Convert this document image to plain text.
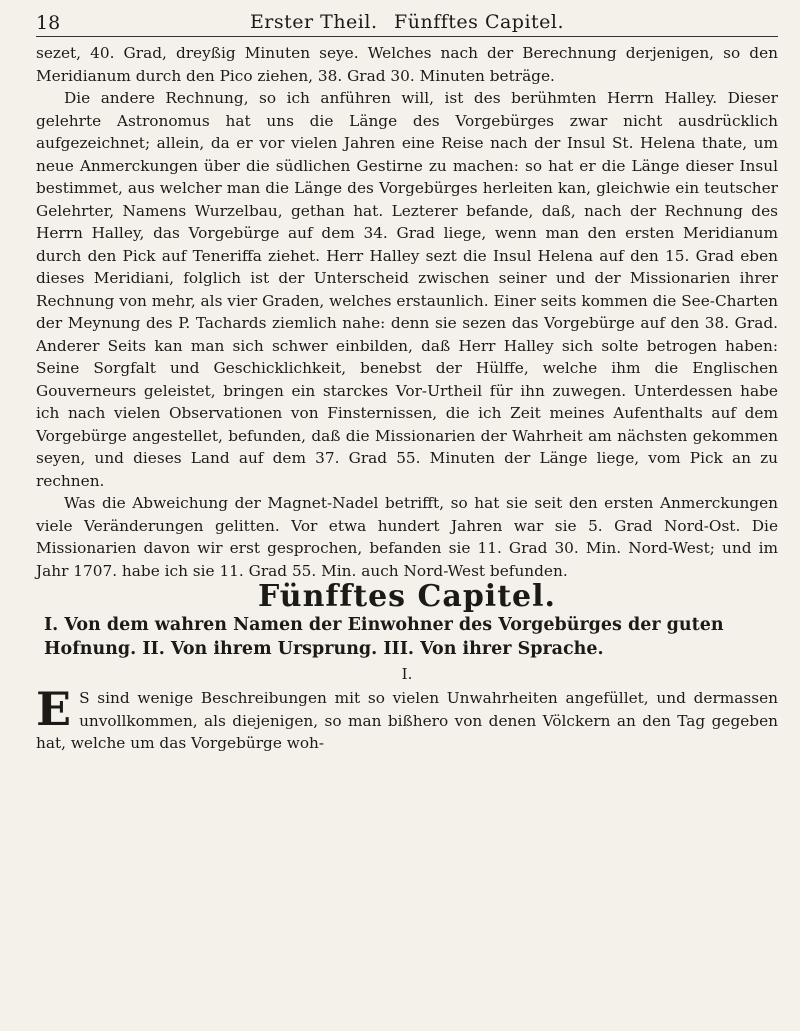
18	Erster Theil. Fünfftes Capitel.

sezet, 40. Grad, dreyßig Minuten seye. Welches nach der Berechnung derjenigen, so den Meridianum durch den Pico ziehen, 38. Grad 30. Minuten beträge.

Die andere Rechnung, so ich anführen will, ist des berühmten Herrn Halley. Dieser gelehrte Astronomus hat uns die Länge des Vorgebürges zwar nicht ausdrücklich aufgezeichnet; allein, da er vor vielen Jahren eine Reise nach der Insul St. Helena thate, um neue Anmerckungen über die südlichen Gestirne zu machen: so hat er die Länge dieser Insul bestimmet, aus welcher man die Länge des Vorgebürges herleiten kan, gleichwie ein teutscher Gelehrter, Namens Wurzelbau, gethan hat. Lezterer befande, daß, nach der Rechnung des Herrn Halley, das Vorgebürge auf dem 34. Grad liege, wenn man den ersten Meridianum durch den Pick auf Teneriffa ziehet. Herr Halley sezt die Insul Helena auf den 15. Grad eben dieses Meridiani, folglich ist der Unterscheid zwischen seiner und der Missionarien ihrer Rechnung von mehr, als vier Graden, welches erstaunlich. Einer seits kommen die See-Charten der Meynung des P. Tachards ziemlich nahe: denn sie sezen das Vorgebürge auf den 38. Grad. Anderer Seits kan man sich schwer einbilden, daß Herr Halley sich solte betrogen haben: Seine Sorgfalt und Geschicklichkeit, benebst der Hülffe, welche ihm die Englischen Gouverneurs geleistet, bringen ein starckes Vor-Urtheil für ihn zuwegen. Unterdessen habe ich nach vielen Observationen von Finsternissen, die ich Zeit meines Aufenthalts auf dem Vorgebürge angestellet, befunden, daß die Missionarien der Wahrheit am nächsten gekommen seyen, und dieses Land auf dem 37. Grad 55. Minuten der Länge liege, vom Pick an zu rechnen.

Was die Abweichung der Magnet-Nadel betrifft, so hat sie seit den ersten Anmerckungen viele Veränderungen gelitten. Vor etwa hundert Jahren war sie 5. Grad Nord-Ost. Die Missionarien davon wir erst gesprochen, befanden sie 11. Grad 30. Min. Nord-West; und im Jahr 1707. habe ich sie 11. Grad 55. Min. auch Nord-West befunden.

Fünfftes Capitel.
I. Von dem wahren Namen der Einwohner des Vorgebürges der guten Hofnung. II. Von ihrem Ursprung. III. Von ihrer Sprache.
I.

E S sind wenige Beschreibungen mit so vielen Unwahrheiten angefüllet, und dermassen unvollkommen, als diejenigen, so man bißhero von denen Völckern an den Tag gegeben hat, welche um das Vorgebürge woh-
